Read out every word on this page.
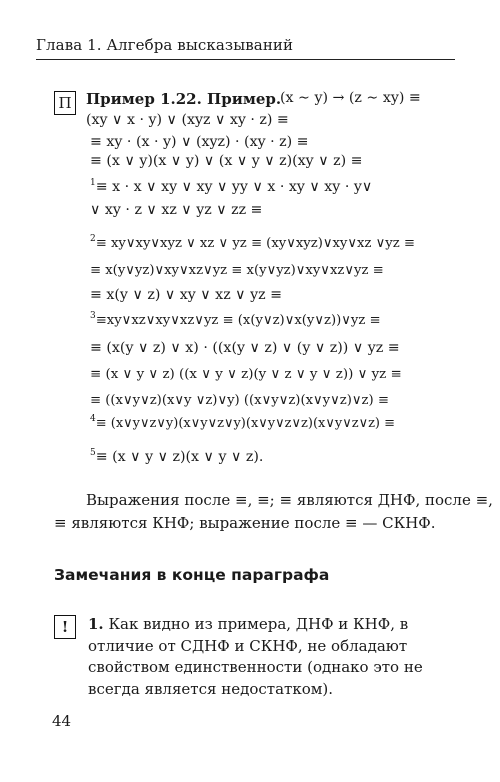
Глава 1. Алгебра высказываний
П Пример 1.22. Пример.
(x ∼ y) → (z ∼ xy) ≡
(xy ∨ x · y) ∨ (xyz ∨ xy · z) ≡
≡ xy · (x · y) ∨ (xyz) · (xy · z) ≡
≡ (x ∨ y)(x ∨ y) ∨ (x ∨ y ∨ z)(xy ∨ z) ≡
$^1$≡ x · x ∨ xy ∨ xy ∨ yy ∨ x · xy ∨ xy · y∨
∨ xy · z ∨ xz ∨ yz ∨ zz ≡
$^2$≡ xy∨xy∨xyz ∨ xz ∨ yz ≡ (xy∨xyz)∨xy∨xz ∨yz ≡
≡ x(y∨yz)∨xy∨xz∨yz ≡ x(y∨yz)∨xy∨xz∨yz ≡
≡ x(y ∨ z) ∨ xy ∨ xz ∨ yz ≡
$^3$≡xy∨xz∨xy∨xz∨yz ≡ (x(y∨z)∨x(y∨z))∨yz ≡
≡ (x(y ∨ z) ∨ x) · ((x(y ∨ z) ∨ (y ∨ z)) ∨ yz ≡
≡ (x ∨ y ∨ z) ((x ∨ y ∨ z)(y ∨ z ∨ y ∨ z)) ∨ yz ≡
≡ ((x∨y∨z)(x∨y ∨z)∨y) ((x∨y∨z)(x∨y∨z)∨z) ≡
$^4$≡ (x∨y∨z∨y)(x∨y∨z∨y)(x∨y∨z∨z)(x∨y∨z∨z) ≡
$^5$≡ (x ∨ y ∨ z)(x ∨ y ∨ z).
Выражения после ≡, ≡; ≡ являются ДНФ, после ≡,
≡ являются КНФ; выражение после ≡ — СКНФ.
Замечания в конце параграфа
!	1. Как видно из примера, ДНФ и КНФ, в отличие от СДНФ и СКНФ, не обладают свойством единственности (однако это не всегда является недостатком).
44
